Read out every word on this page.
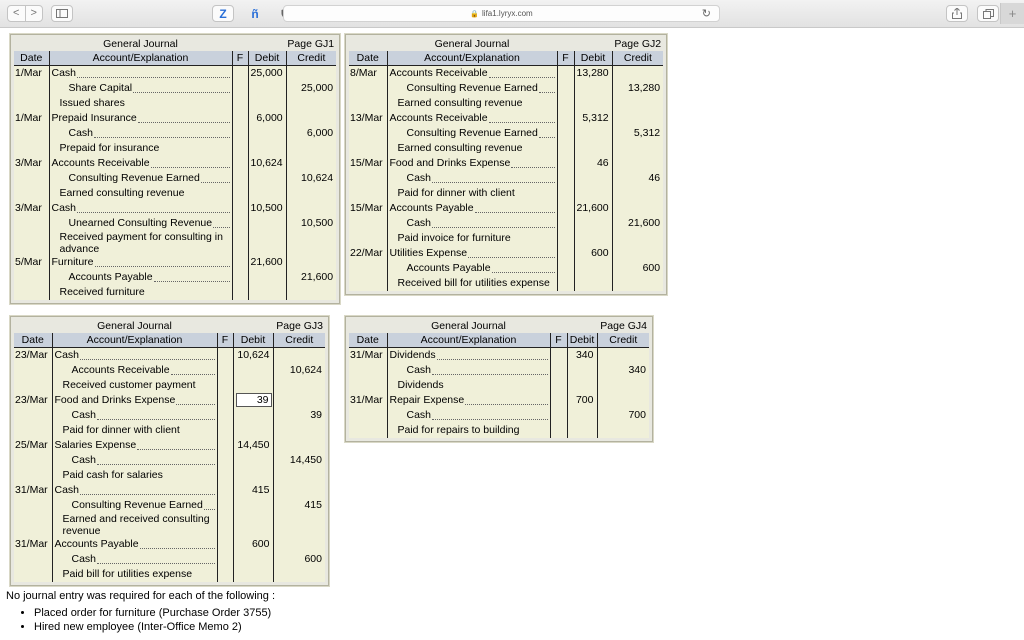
<	>	Z	ñ	🔒 lifa1.lyryx.com	↻	+
	General Journal		Page GJ1	
Date	Account/Explanation	F	Debit	Credit
1/Mar	Cash		25,000	

	Share Capital			25,000
	Issued shares			
1/Mar	Prepaid Insurance		6,000	

	Cash			6,000
	Prepaid for insurance			
3/Mar	Accounts Receivable		10,624	

	Consulting Revenue Earned			10,624
	Earned consulting revenue			
3/Mar	Cash		10,500	

	Unearned Consulting Revenue			10,500
	Received payment for consulting in advance			
5/Mar	Furniture		21,600	

	Accounts Payable			21,600
	Received furniture			
	General Journal		Page GJ2	
Date	Account/Explanation	F	Debit	Credit
8/Mar	Accounts Receivable		13,280	

	Consulting Revenue Earned			13,280
	Earned consulting revenue			
13/Mar	Accounts Receivable		5,312	

	Consulting Revenue Earned			5,312
	Earned consulting revenue			
15/Mar	Food and Drinks Expense		46	

	Cash			46
	Paid for dinner with client			
15/Mar	Accounts Payable		21,600	

	Cash			21,600
	Paid invoice for furniture			
22/Mar	Utilities Expense		600	

	Accounts Payable			600
	Received bill for utilities expense			
	General Journal		Page GJ3	
Date	Account/Explanation	F	Debit	Credit
23/Mar	Cash		10,624	

	Accounts Receivable			10,624
	Received customer payment			
23/Mar	Food and Drinks Expense		39	

	Cash			39
	Paid for dinner with client			
25/Mar	Salaries Expense		14,450	

	Cash			14,450
	Paid cash for salaries			
31/Mar	Cash		415	

	Consulting Revenue Earned			415
	Earned and received consulting revenue			
31/Mar	Accounts Payable		600	

	Cash			600
	Paid bill for utilities expense			
	General Journal		Page GJ4	
Date	Account/Explanation	F	Debit	Credit
31/Mar	Dividends		340	

	Cash			340
	Dividends			
31/Mar	Repair Expense		700	

	Cash			700
	Paid for repairs to building			
No journal entry was required for each of the following :
• Placed order for furniture (Purchase Order 3755)
• Hired new employee (Inter-Office Memo 2)
